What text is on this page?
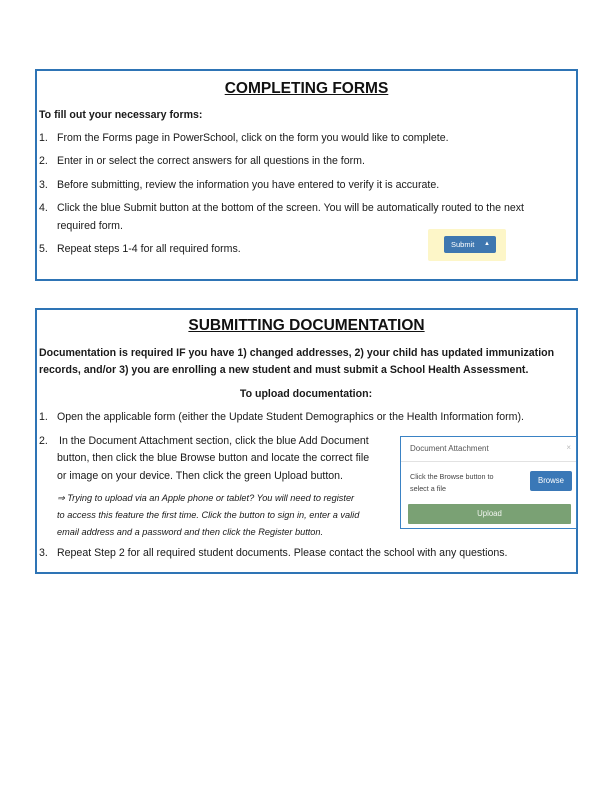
COMPLETING FORMS
To fill out your necessary forms:
1. From the Forms page in PowerSchool, click on the form you would like to complete.
2. Enter in or select the correct answers for all questions in the form.
3. Before submitting, review the information you have entered to verify it is accurate.
4. Click the blue Submit button at the bottom of the screen. You will be automatically routed to the next
required form.
5. Repeat steps 1-4 for all required forms.	Submit ▲
SUBMITTING DOCUMENTATION
Documentation is required IF you have 1) changed addresses, 2) your child has updated immunization
records, and/or 3) you are enrolling a new student and must submit a School Health Assessment.
To upload documentation:
1. Open the applicable form (either the Update Student Demographics or the Health Information form).
2. In the Document Attachment section, click the blue Add Document
button, then click the blue Browse button and locate the correct file
or image on your device. Then click the green Upload button.
⇒ Trying to upload via an Apple phone or tablet? You will need to register
to access this feature the first time. Click the button to sign in, enter a valid
email address and a password and then click the Register button.
Document Attachment	×
Click the Browse button to
select a file
Browse
Upload
3. Repeat Step 2 for all required student documents. Please contact the school with any questions.
